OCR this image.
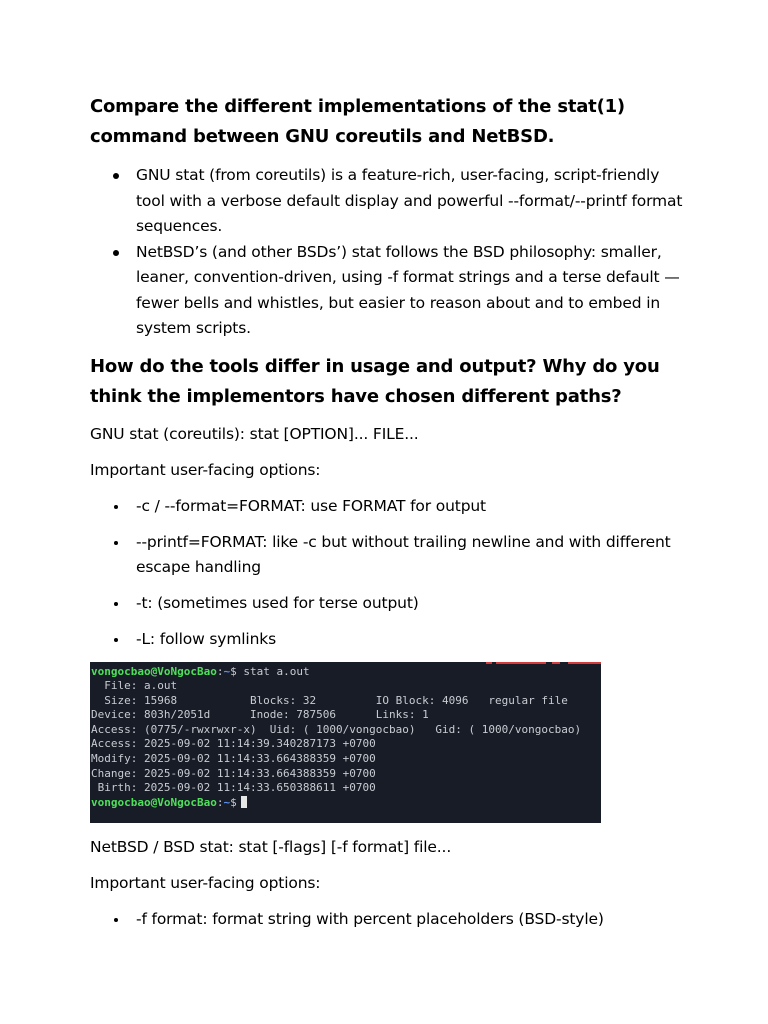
Compare the different implementations of the stat(1) command between GNU coreutils and NetBSD.
GNU stat (from coreutils) is a feature-rich, user-facing, script-friendly tool with a verbose default display and powerful --format/--printf format sequences.
NetBSD’s (and other BSDs’) stat follows the BSD philosophy: smaller, leaner, convention-driven, using -f format strings and a terse default — fewer bells and whistles, but easier to reason about and to embed in system scripts.
How do the tools differ in usage and output? Why do you think the implementors have chosen different paths?

GNU stat (coreutils): stat [OPTION]... FILE...

Important user-facing options:

-c / --format=FORMAT: use FORMAT for output
--printf=FORMAT: like -c but without trailing newline and with different escape handling
-t: (sometimes used for terse output)
-L: follow symlinks
vongocbao@VoNgocBao:~$ stat a.out
File: a.out
Size: 15968           Blocks: 32         IO Block: 4096   regular file
Device: 803h/2051d      Inode: 787506      Links: 1
Access: (0775/-rwxrwxr-x)  Uid: ( 1000/vongocbao)   Gid: ( 1000/vongocbao)
Access: 2025-09-02 11:14:39.340287173 +0700
Modify: 2025-09-02 11:14:33.664388359 +0700
Change: 2025-09-02 11:14:33.664388359 +0700
Birth: 2025-09-02 11:14:33.650388611 +0700
vongocbao@VoNgocBao:~$

NetBSD / BSD stat: stat [-flags] [-f format] file...

Important user-facing options:

-f format: format string with percent placeholders (BSD-style)
